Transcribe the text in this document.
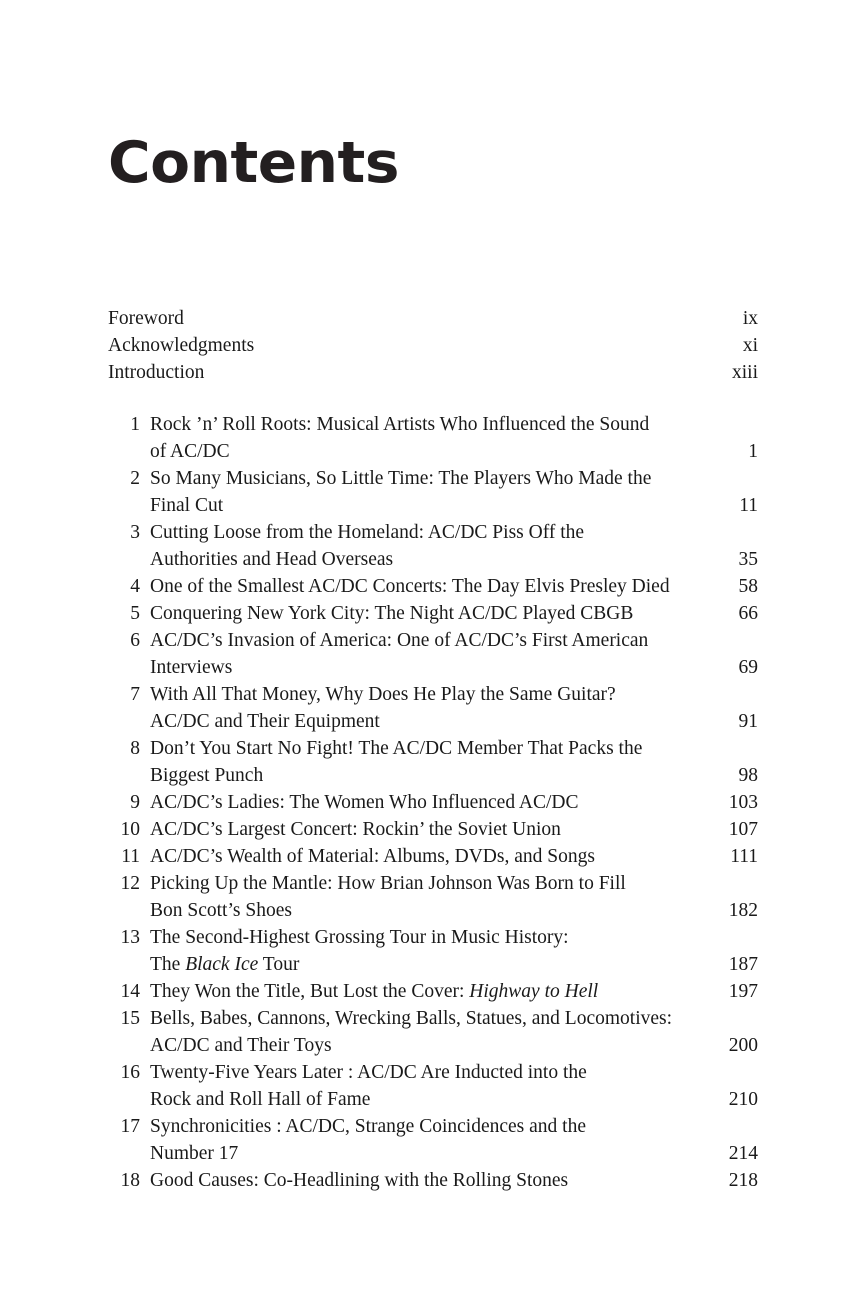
Contents
Foreword	ix
Acknowledgments	xi
Introduction	xiii
1 Rock ’n’ Roll Roots: Musical Artists Who Influenced the Sound
of AC/DC	1
2 So Many Musicians, So Little Time: The Players Who Made the
Final Cut	11
3 Cutting Loose from the Homeland: AC/DC Piss Off the
Authorities and Head Overseas	35
4 One of the Smallest AC/DC Concerts: The Day Elvis Presley Died	58
5 Conquering New York City: The Night AC/DC Played CBGB	66
6 AC/DC’s Invasion of America: One of AC/DC’s First American
Interviews	69
7 With All That Money, Why Does He Play the Same Guitar?
AC/DC and Their Equipment	91
8 Don’t You Start No Fight! The AC/DC Member That Packs the
Biggest Punch	98
9 AC/DC’s Ladies: The Women Who Influenced AC/DC	103
10 AC/DC’s Largest Concert: Rockin’ the Soviet Union	107
11 AC/DC’s Wealth of Material: Albums, DVDs, and Songs	111
12 Picking Up the Mantle: How Brian Johnson Was Born to Fill
Bon Scott’s Shoes	182
13 The Second-Highest Grossing Tour in Music History:
The Black Ice Tour	187
14 They Won the Title, But Lost the Cover: Highway to Hell	197
15 Bells, Babes, Cannons, Wrecking Balls, Statues, and Locomotives:
AC/DC and Their Toys	200
16 Twenty-Five Years Later : AC/DC Are Inducted into the
Rock and Roll Hall of Fame	210
17 Synchronicities : AC/DC, Strange Coincidences and the
Number 17	214
18 Good Causes: Co-Headlining with the Rolling Stones	218
